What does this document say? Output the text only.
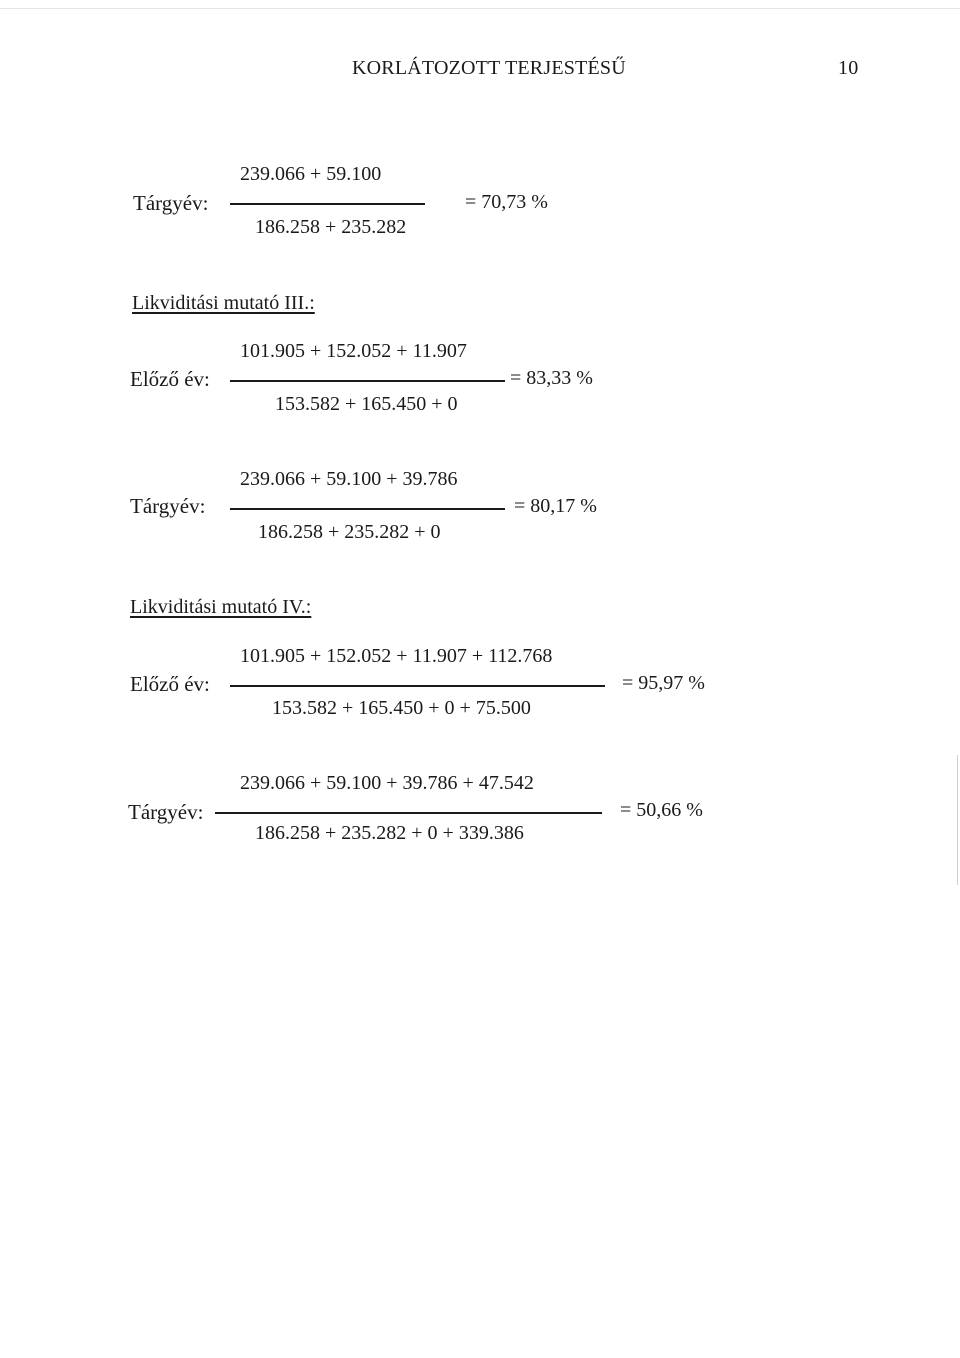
KORLÁTOZOTT TERJESTÉSŰ	10
Tárgyév:
239.066 + 59.100
186.258 + 235.282
= 70,73 %
Likviditási mutató III.:
Előző év:
101.905 + 152.052 + 11.907
153.582 + 165.450 + 0
= 83,33 %
Tárgyév:
239.066 + 59.100 + 39.786
186.258 + 235.282 + 0
= 80,17 %
Likviditási mutató IV.:
Előző év:
101.905 + 152.052 + 11.907 + 112.768
153.582 + 165.450 + 0 + 75.500
= 95,97 %
Tárgyév:
239.066 + 59.100 + 39.786 + 47.542
186.258 + 235.282 + 0 + 339.386
= 50,66 %
